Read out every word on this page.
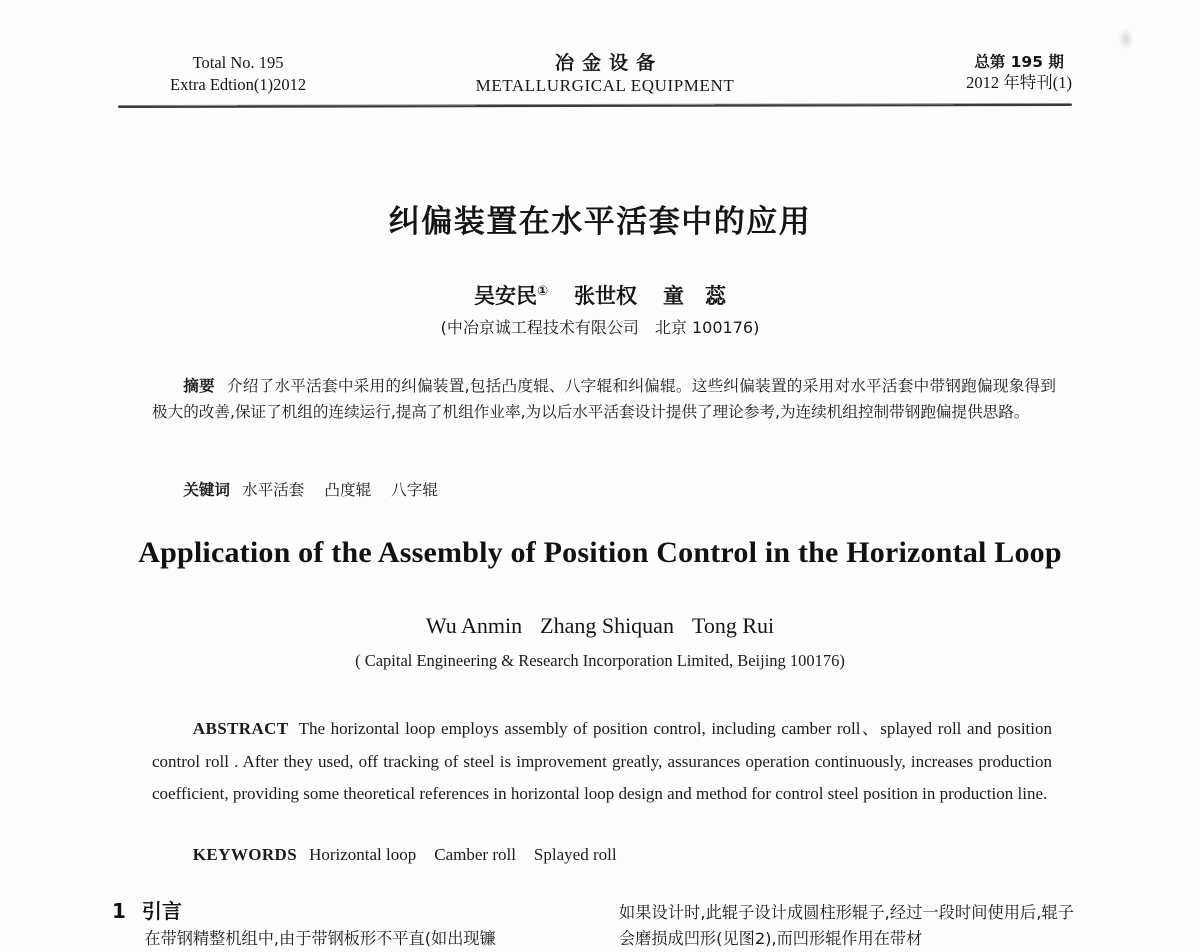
Total No. 195
Extra Edtion(1)2012
冶金设备
METALLURGICAL EQUIPMENT
总第 195 期
2012 年特刊(1)
纠偏装置在水平活套中的应用
吴安民① 张世权 童　蕊
(中冶京诚工程技术有限公司　北京 100176)
摘要 介绍了水平活套中采用的纠偏装置,包括凸度辊、八字辊和纠偏辊。这些纠偏装置的采用对水平活套中带钢跑偏现象得到极大的改善,保证了机组的连续运行,提高了机组作业率,为以后水平活套设计提供了理论参考,为连续机组控制带钢跑偏提供思路。
关键词 水平活套 凸度辊 八字辊
Application of the Assembly of Position Control in the Horizontal Loop
Wu Anmin Zhang Shiquan Tong Rui
( Capital Engineering & Research Incorporation Limited, Beijing 100176)
ABSTRACT The horizontal loop employs assembly of position control, including camber roll、splayed roll and position control roll . After they used, off tracking of steel is improvement greatly, assurances operation continuously, increases production coefficient, providing some theoretical references in horizontal loop design and method for control steel position in production line.
KEYWORDS Horizontal loop Camber roll Splayed roll
1 引言
在带钢精整机组中,由于带钢板形不平直(如出现镰
如果设计时,此辊子设计成圆柱形辊子,经过一段时间使用后,辊子会磨损成凹形(见图2),而凹形辊作用在带材
